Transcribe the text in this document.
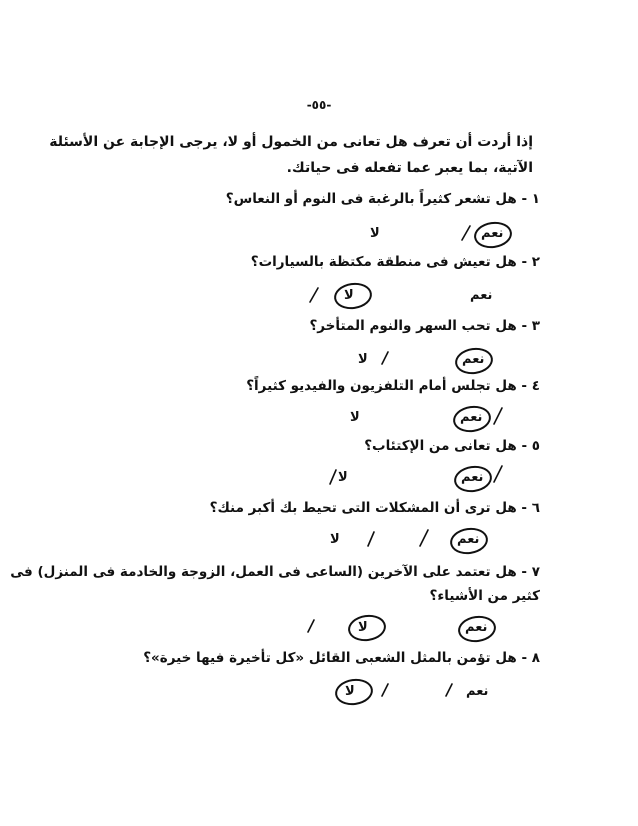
-٥٥-
إذا أردت أن تعرف هل تعانى من الخمول أو لا، يرجى الإجابة عن الأسئلة
الآتية، بما يعبر عما تفعله فى حياتك.
١ - هل تشعر كثيراً بالرغبة فى النوم أو النعاس؟
نعم
لا
٢ - هل تعيش فى منطقة مكتظة بالسيارات؟
نعم
لا
٣ - هل تحب السهر والنوم المتأخر؟
نعم
لا
٤ - هل تجلس أمام التلفزيون والفيديو كثيراً؟
نعم
لا
٥ - هل تعانى من الإكتئاب؟
نعم
لا
٦ - هل ترى أن المشكلات التى تحيط بك أكبر منك؟
نعم
لا
٧ - هل تعتمد على الآخرين (الساعى فى العمل، الزوجة والخادمة فى المنزل) فى
كثير من الأشياء؟
نعم
لا
٨ - هل تؤمن بالمثل الشعبى القائل «كل تأخيرة فيها خيرة»؟
نعم
لا
